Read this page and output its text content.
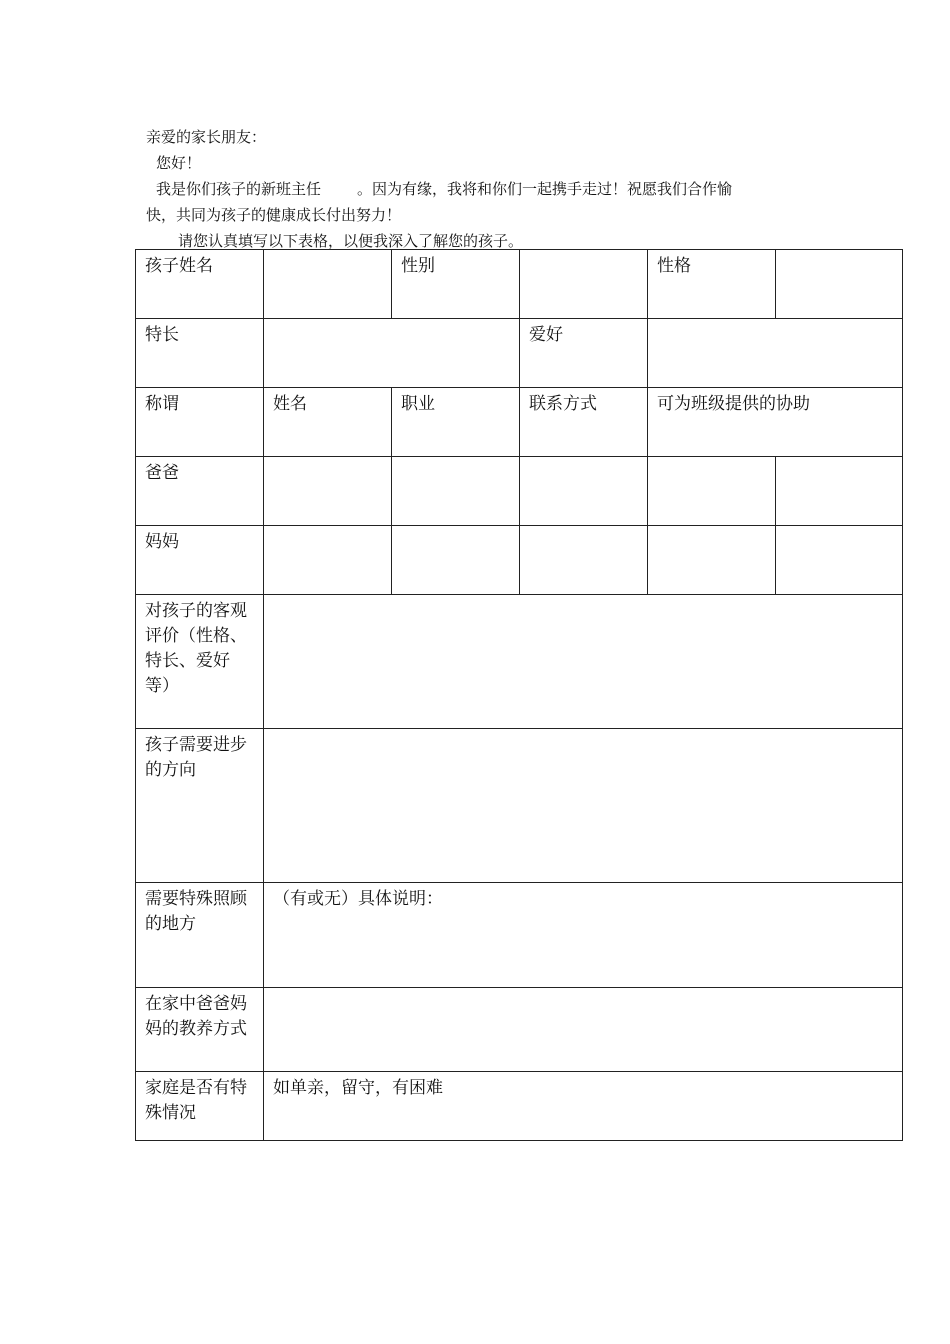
亲爱的家长朋友：

您好！

我是你们孩子的新班主任 。因为有缘，我将和你们一起携手走过！祝愿我们合作愉

快，共同为孩子的健康成长付出努力！

请您认真填写以下表格，以便我深入了解您的孩子。

孩子姓名		性别		性格	
特长			爱好		
称谓	姓名	职业	联系方式	可为班级提供的协助	
爸爸					
妈妈					
对孩子的客观评价（性格、特长、爱好等）					
孩子需要进步的方向					
需要特殊照顾的地方	（有或无）具体说明：				
在家中爸爸妈妈的教养方式					
家庭是否有特殊情况	如单亲，留守，有困难				
